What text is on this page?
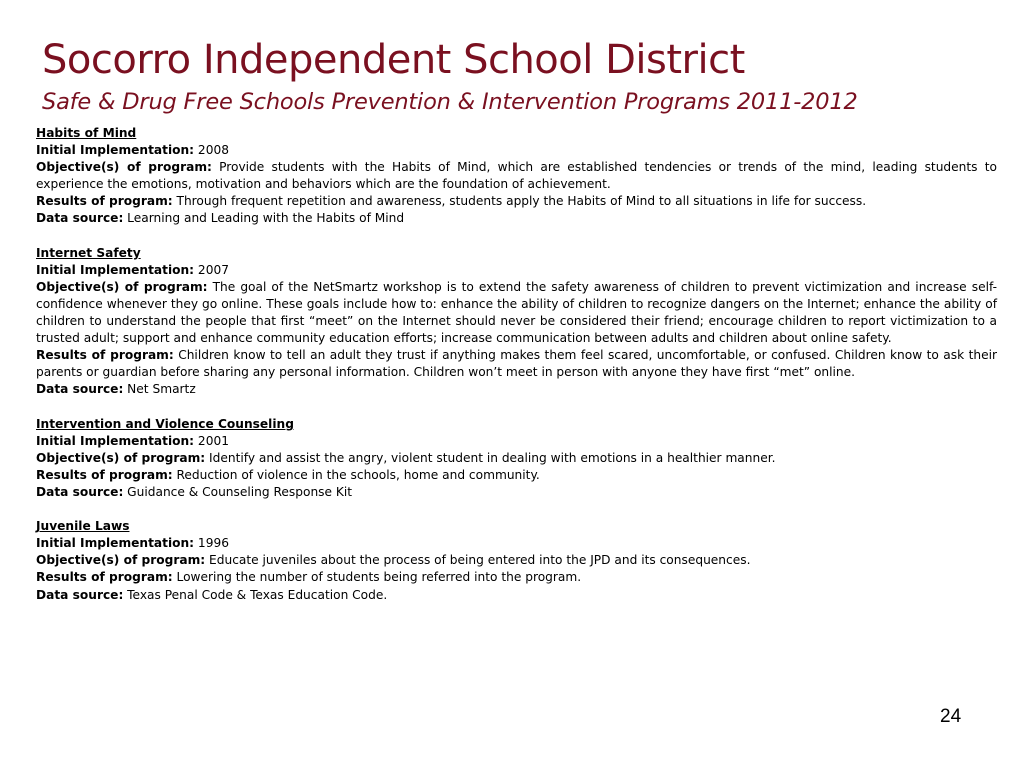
Socorro Independent School District
Safe & Drug Free Schools Prevention & Intervention Programs 2011-2012
Habits of Mind
Initial Implementation: 2008
Objective(s) of program: Provide students with the Habits of Mind, which are established tendencies or trends of the mind, leading students to experience the emotions, motivation and behaviors which are the foundation of achievement.
Results of program: Through frequent repetition and awareness, students apply the Habits of Mind to all situations in life for success.
Data source: Learning and Leading with the Habits of Mind
Internet Safety
Initial Implementation: 2007
Objective(s) of program: The goal of the NetSmartz workshop is to extend the safety awareness of children to prevent victimization and increase self-confidence whenever they go online. These goals include how to: enhance the ability of children to recognize dangers on the Internet; enhance the ability of children to understand the people that first “meet” on the Internet should never be considered their friend; encourage children to report victimization to a trusted adult; support and enhance community education efforts; increase communication between adults and children about online safety.
Results of program: Children know to tell an adult they trust if anything makes them feel scared, uncomfortable, or confused. Children know to ask their parents or guardian before sharing any personal information. Children won’t meet in person with anyone they have first “met” online.
Data source: Net Smartz
Intervention and Violence Counseling
Initial Implementation: 2001
Objective(s) of program: Identify and assist the angry, violent student in dealing with emotions in a healthier manner.
Results of program: Reduction of violence in the schools, home and community.
Data source: Guidance & Counseling Response Kit
Juvenile Laws
Initial Implementation: 1996
Objective(s) of program: Educate juveniles about the process of being entered into the JPD and its consequences.
Results of program: Lowering the number of students being referred into the program.
Data source: Texas Penal Code & Texas Education Code.
24
